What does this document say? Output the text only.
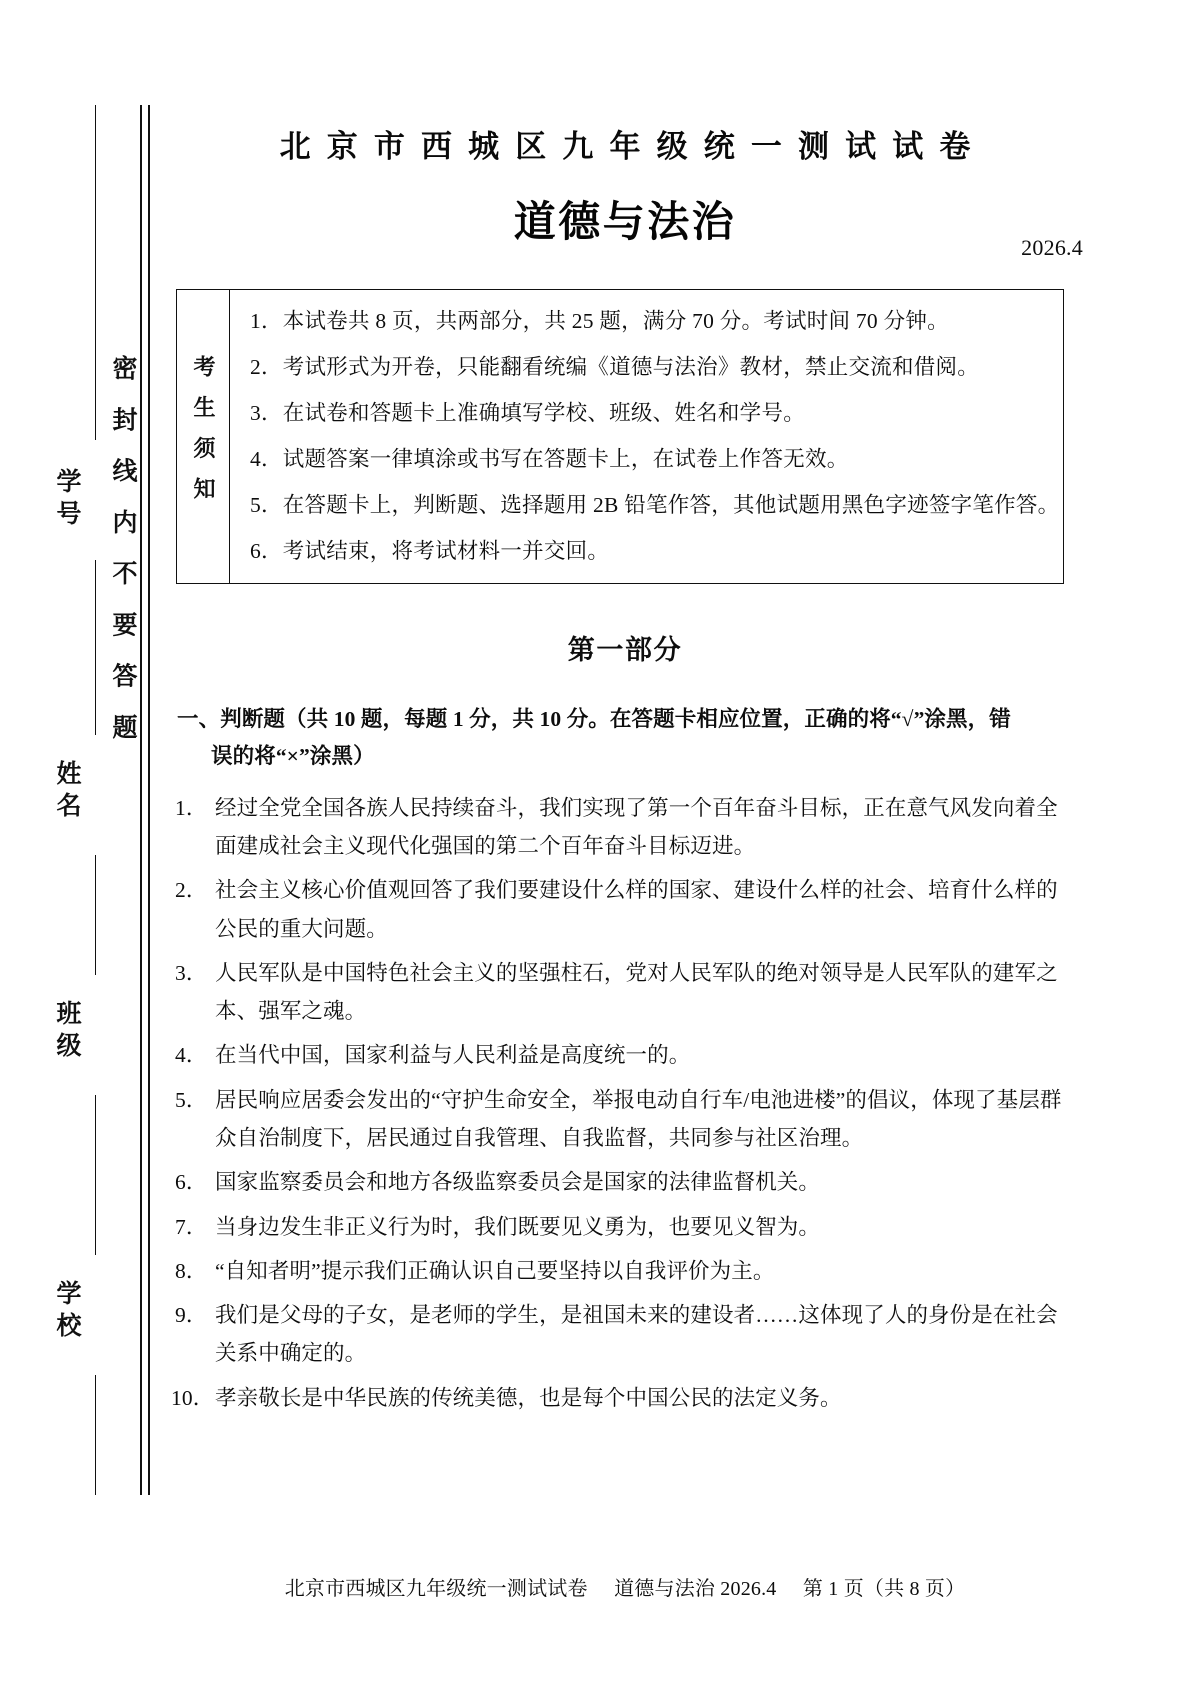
密封线内不要答题
学号
姓名
班级
学校
北京市西城区九年级统一测试试卷
道德与法治
2026.4
考生须知
1．本试卷共 8 页，共两部分，共 25 题，满分 70 分。考试时间 70 分钟。
2．考试形式为开卷，只能翻看统编《道德与法治》教材，禁止交流和借阅。
3．在试卷和答题卡上准确填写学校、班级、姓名和学号。
4．试题答案一律填涂或书写在答题卡上，在试卷上作答无效。
5．在答题卡上，判断题、选择题用 2B 铅笔作答，其他试题用黑色字迹签字笔作答。
6．考试结束，将考试材料一并交回。
第一部分
一、判断题（共 10 题，每题 1 分，共 10 分。在答题卡相应位置，正确的将“√”涂黑，错
误的将“×”涂黑）
1． 经过全党全国各族人民持续奋斗，我们实现了第一个百年奋斗目标，正在意气风发向着全面建成社会主义现代化强国的第二个百年奋斗目标迈进。
2． 社会主义核心价值观回答了我们要建设什么样的国家、建设什么样的社会、培育什么样的公民的重大问题。
3． 人民军队是中国特色社会主义的坚强柱石，党对人民军队的绝对领导是人民军队的建军之本、强军之魂。
4． 在当代中国，国家利益与人民利益是高度统一的。
5． 居民响应居委会发出的“守护生命安全，举报电动自行车/电池进楼”的倡议，体现了基层群众自治制度下，居民通过自我管理、自我监督，共同参与社区治理。
6． 国家监察委员会和地方各级监察委员会是国家的法律监督机关。
7． 当身边发生非正义行为时，我们既要见义勇为，也要见义智为。
8． “自知者明”提示我们正确认识自己要坚持以自我评价为主。
9． 我们是父母的子女，是老师的学生，是祖国未来的建设者……这体现了人的身份是在社会关系中确定的。
10． 孝亲敬长是中华民族的传统美德，也是每个中国公民的法定义务。
北京市西城区九年级统一测试试卷 道德与法治 2026.4 第 1 页（共 8 页）
